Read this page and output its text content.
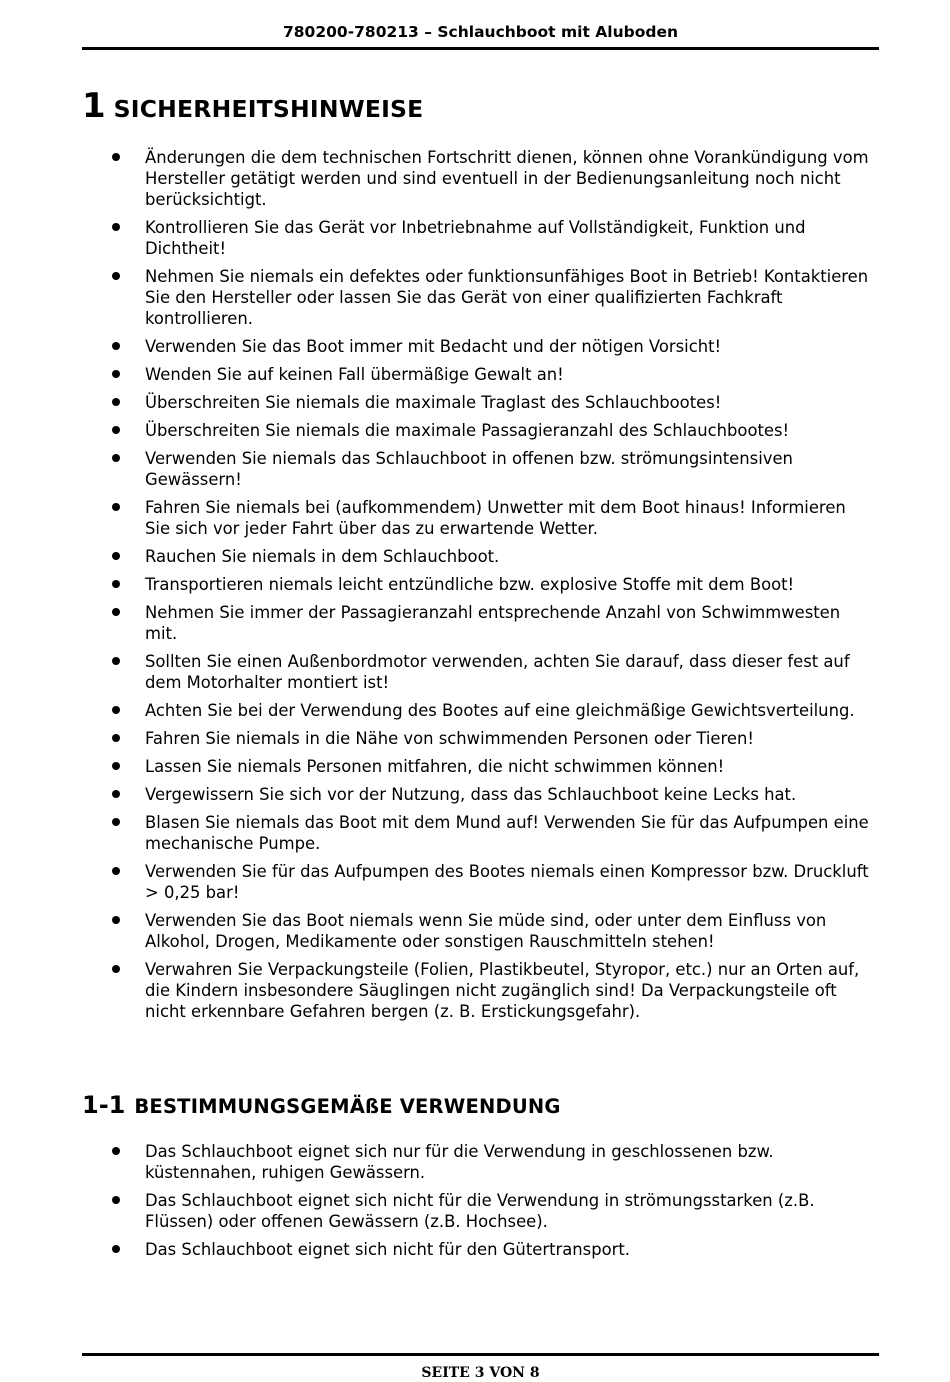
780200-780213 – Schlauchboot mit Aluboden
1 SICHERHEITSHINWEISE
Änderungen die dem technischen Fortschritt dienen, können ohne Vorankündigung vom Hersteller getätigt werden und sind eventuell in der Bedienungsanleitung noch nicht berücksichtigt.
Kontrollieren Sie das Gerät vor Inbetriebnahme auf Vollständigkeit, Funktion und Dichtheit!
Nehmen Sie niemals ein defektes oder funktionsunfähiges Boot in Betrieb! Kontaktieren Sie den Hersteller oder lassen Sie das Gerät von einer qualifizierten Fachkraft kontrollieren.
Verwenden Sie das Boot immer mit Bedacht und der nötigen Vorsicht!
Wenden Sie auf keinen Fall übermäßige Gewalt an!
Überschreiten Sie niemals die maximale Traglast des Schlauchbootes!
Überschreiten Sie niemals die maximale Passagieranzahl des Schlauchbootes!
Verwenden Sie niemals das Schlauchboot in offenen bzw. strömungsintensiven Gewässern!
Fahren Sie niemals bei (aufkommendem) Unwetter mit dem Boot hinaus! Informieren Sie sich vor jeder Fahrt über das zu erwartende Wetter.
Rauchen Sie niemals in dem Schlauchboot.
Transportieren niemals leicht entzündliche bzw. explosive Stoffe mit dem Boot!
Nehmen Sie immer der Passagieranzahl entsprechende Anzahl von Schwimmwesten mit.
Sollten Sie einen Außenbordmotor verwenden, achten Sie darauf, dass dieser fest auf dem Motorhalter montiert ist!
Achten Sie bei der Verwendung des Bootes auf eine gleichmäßige Gewichtsverteilung.
Fahren Sie niemals in die Nähe von schwimmenden Personen oder Tieren!
Lassen Sie niemals Personen mitfahren, die nicht schwimmen können!
Vergewissern Sie sich vor der Nutzung, dass das Schlauchboot keine Lecks hat.
Blasen Sie niemals das Boot mit dem Mund auf! Verwenden Sie für das Aufpumpen eine mechanische Pumpe.
Verwenden Sie für das Aufpumpen des Bootes niemals einen Kompressor bzw. Druckluft > 0,25 bar!
Verwenden Sie das Boot niemals wenn Sie müde sind, oder unter dem Einfluss von Alkohol, Drogen, Medikamente oder sonstigen Rauschmitteln stehen!
Verwahren Sie Verpackungsteile (Folien, Plastikbeutel, Styropor, etc.) nur an Orten auf, die Kindern insbesondere Säuglingen nicht zugänglich sind! Da Verpackungsteile oft nicht erkennbare Gefahren bergen (z. B. Erstickungsgefahr).
1-1 BESTIMMUNGSGEMÄßE VERWENDUNG
Das Schlauchboot eignet sich nur für die Verwendung in geschlossenen bzw. küstennahen, ruhigen Gewässern.
Das Schlauchboot eignet sich nicht für die Verwendung in strömungsstarken (z.B. Flüssen) oder offenen Gewässern (z.B. Hochsee).
Das Schlauchboot eignet sich nicht für den Gütertransport.
SEITE 3 VON 8
